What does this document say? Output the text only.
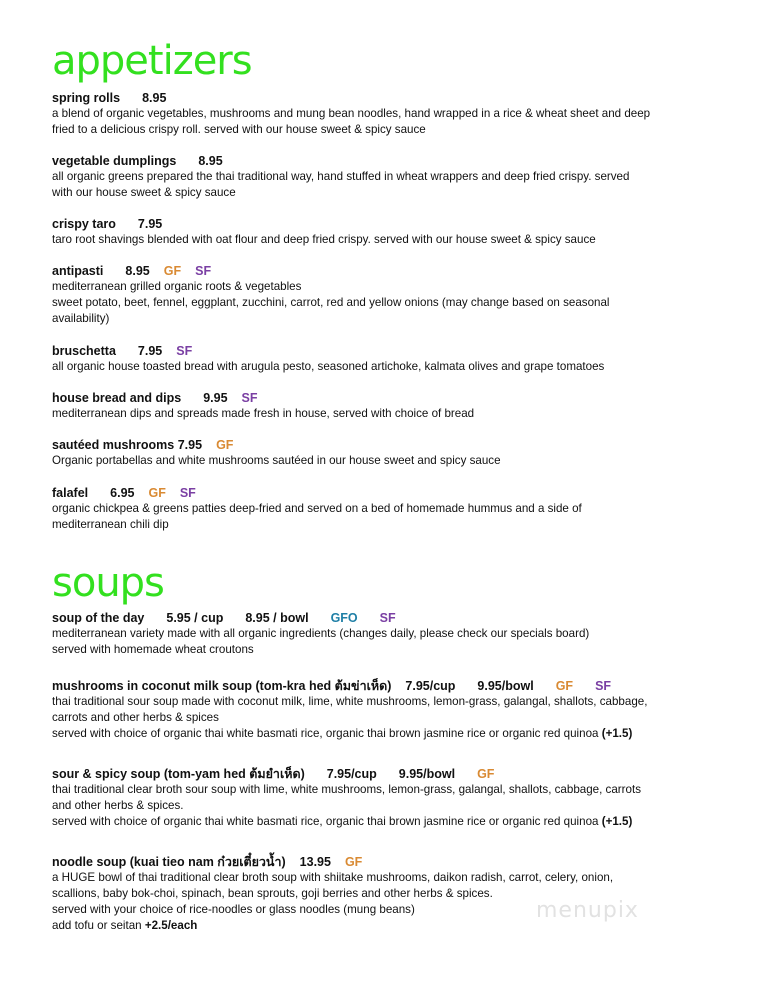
appetizers
spring rolls 8.95

a blend of organic vegetables, mushrooms and mung bean noodles, hand wrapped in a rice & wheat sheet and deep
fried to a delicious crispy roll. served with our house sweet & spicy sauce

vegetable dumplings 8.95

all organic greens prepared the thai traditional way, hand stuffed in wheat wrappers and deep fried crispy. served
with our house sweet & spicy sauce

crispy taro 7.95

taro root shavings blended with oat flour and deep fried crispy. served with our house sweet & spicy sauce

antipasti 8.95 GF SF

mediterranean grilled organic roots & vegetables
sweet potato, beet, fennel, eggplant, zucchini, carrot, red and yellow onions (may change based on seasonal
availability)

bruschetta 7.95 SF

all organic house toasted bread with arugula pesto, seasoned artichoke, kalmata olives and grape tomatoes

house bread and dips 9.95 SF

mediterranean dips and spreads made fresh in house, served with choice of bread

sautéed mushrooms 7.95 GF

Organic portabellas and white mushrooms sautéed in our house sweet and spicy sauce

falafel 6.95 GF SF

organic chickpea & greens patties deep-fried and served on a bed of homemade hummus and a side of
mediterranean chili dip

soups
soup of the day 5.95 / cup 8.95 / bowl GFO SF

mediterranean variety made with all organic ingredients (changes daily, please check our specials board)
served with homemade wheat croutons

mushrooms in coconut milk soup (tom-kra hed ต้มข่าเห็ด) 7.95/cup 9.95/bowl GF SF

thai traditional sour soup made with coconut milk, lime, white mushrooms, lemon-grass, galangal, shallots, cabbage,
carrots and other herbs & spices
served with choice of organic thai white basmati rice, organic thai brown jasmine rice or organic red quinoa (+1.5)

sour & spicy soup (tom-yam hed ต้มยำเห็ด) 7.95/cup 9.95/bowl GF

thai traditional clear broth sour soup with lime, white mushrooms, lemon-grass, galangal, shallots, cabbage, carrots
and other herbs & spices.
served with choice of organic thai white basmati rice, organic thai brown jasmine rice or organic red quinoa (+1.5)

noodle soup (kuai tieo nam ก๋วยเตี๋ยวน้ำ) 13.95 GF

a HUGE bowl of thai traditional clear broth soup with shiitake mushrooms, daikon radish, carrot, celery, onion,
scallions, baby bok-choi, spinach, bean sprouts, goji berries and other herbs & spices.
served with your choice of rice-noodles or glass noodles (mung beans)
add tofu or seitan +2.5/each

menupix
